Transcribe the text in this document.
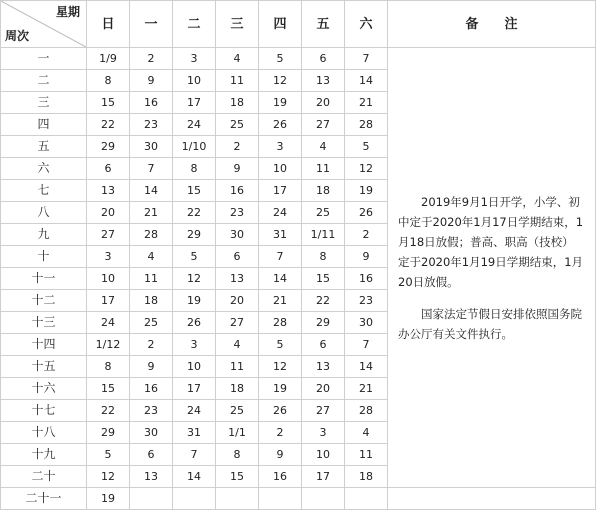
星期
周次	日	一	二	三	四	五	六	备　　注
一	1/9	2	3	4	5	6	7	　　2019年9月1日开学，小学、初中定于2020年1月17日学期结束，1月18日放假；普高、职高（技校）定于2020年1月19日学期结束，1月20日放假。

　　国家法定节假日安排依照国务院办公厅有关文件执行。

二	8	9	10	11	12	13	14	
三	15	16	17	18	19	20	21	
四	22	23	24	25	26	27	28	
五	29	30	1/10	2	3	4	5	
六	6	7	8	9	10	11	12	
七	13	14	15	16	17	18	19	
八	20	21	22	23	24	25	26	
九	27	28	29	30	31	1/11	2	
十	3	4	5	6	7	8	9	
十一	10	11	12	13	14	15	16	
十二	17	18	19	20	21	22	23	
十三	24	25	26	27	28	29	30	
十四	1/12	2	3	4	5	6	7	
十五	8	9	10	11	12	13	14	
十六	15	16	17	18	19	20	21	
十七	22	23	24	25	26	27	28	
十八	29	30	31	1/1	2	3	4	
十九	5	6	7	8	9	10	11	
二十	12	13	14	15	16	17	18	
二十一	19							
